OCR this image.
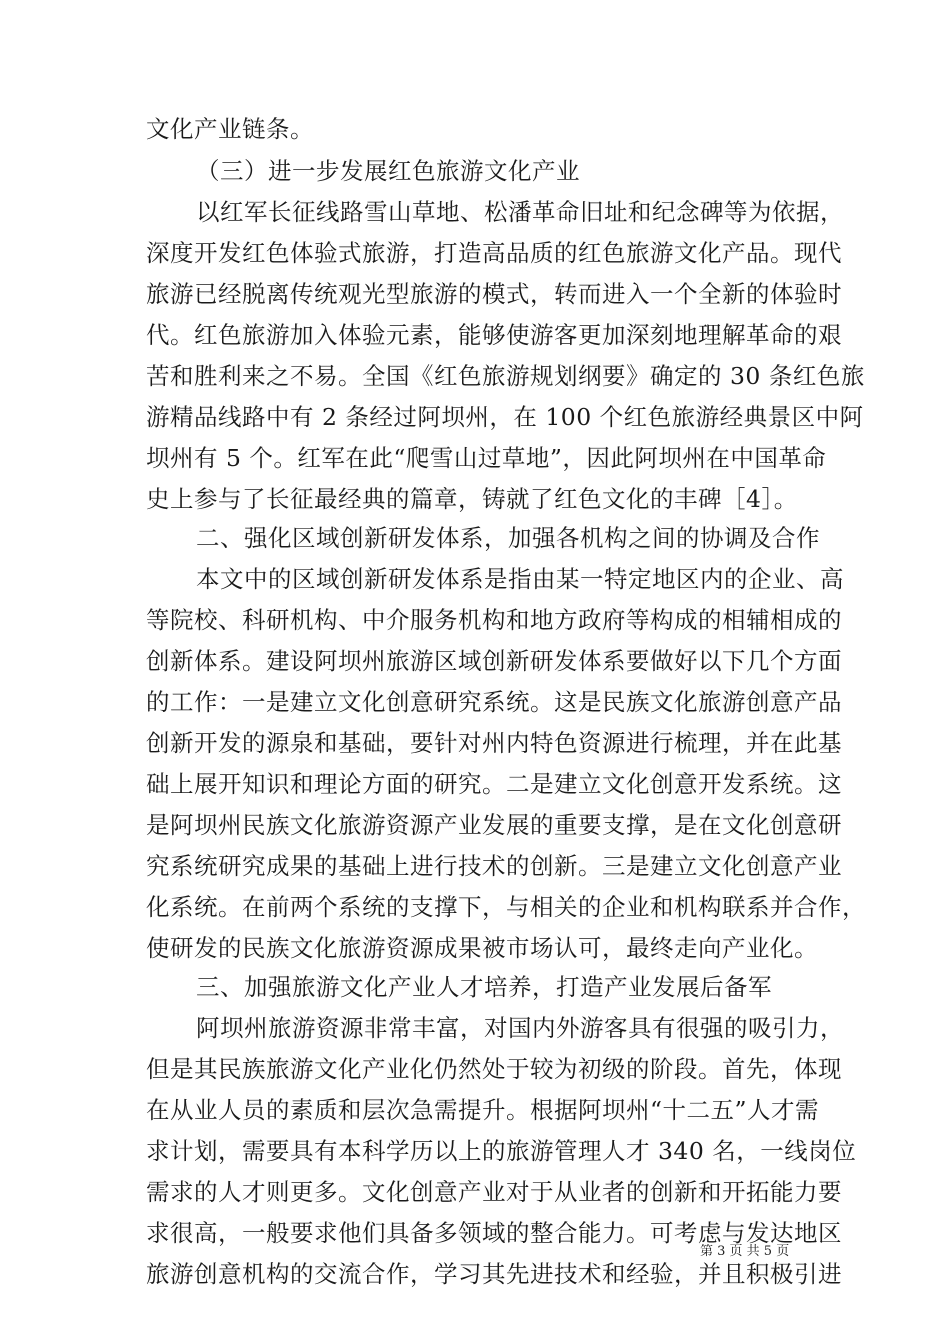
文化产业链条。
（三）进一步发展红色旅游文化产业
以红军长征线路雪山草地、松潘革命旧址和纪念碑等为依据，
深度开发红色体验式旅游，打造高品质的红色旅游文化产品。现代
旅游已经脱离传统观光型旅游的模式，转而进入一个全新的体验时
代。红色旅游加入体验元素，能够使游客更加深刻地理解革命的艰
苦和胜利来之不易。全国《红色旅游规划纲要》确定的 30 条红色旅
游精品线路中有 2 条经过阿坝州，在 100 个红色旅游经典景区中阿
坝州有 5 个。红军在此“爬雪山过草地”，因此阿坝州在中国革命
史上参与了长征最经典的篇章，铸就了红色文化的丰碑［4］。
二、强化区域创新研发体系，加强各机构之间的协调及合作
本文中的区域创新研发体系是指由某一特定地区内的企业、高
等院校、科研机构、中介服务机构和地方政府等构成的相辅相成的
创新体系。建设阿坝州旅游区域创新研发体系要做好以下几个方面
的工作：一是建立文化创意研究系统。这是民族文化旅游创意产品
创新开发的源泉和基础，要针对州内特色资源进行梳理，并在此基
础上展开知识和理论方面的研究。二是建立文化创意开发系统。这
是阿坝州民族文化旅游资源产业发展的重要支撑，是在文化创意研
究系统研究成果的基础上进行技术的创新。三是建立文化创意产业
化系统。在前两个系统的支撑下，与相关的企业和机构联系并合作，
使研发的民族文化旅游资源成果被市场认可，最终走向产业化。
三、加强旅游文化产业人才培养，打造产业发展后备军
阿坝州旅游资源非常丰富，对国内外游客具有很强的吸引力，
但是其民族旅游文化产业化仍然处于较为初级的阶段。首先，体现
在从业人员的素质和层次急需提升。根据阿坝州“十二五”人才需
求计划，需要具有本科学历以上的旅游管理人才 340 名，一线岗位
需求的人才则更多。文化创意产业对于从业者的创新和开拓能力要
求很高，一般要求他们具备多领域的整合能力。可考虑与发达地区
旅游创意机构的交流合作，学习其先进技术和经验，并且积极引进
第 3 页 共 5 页
